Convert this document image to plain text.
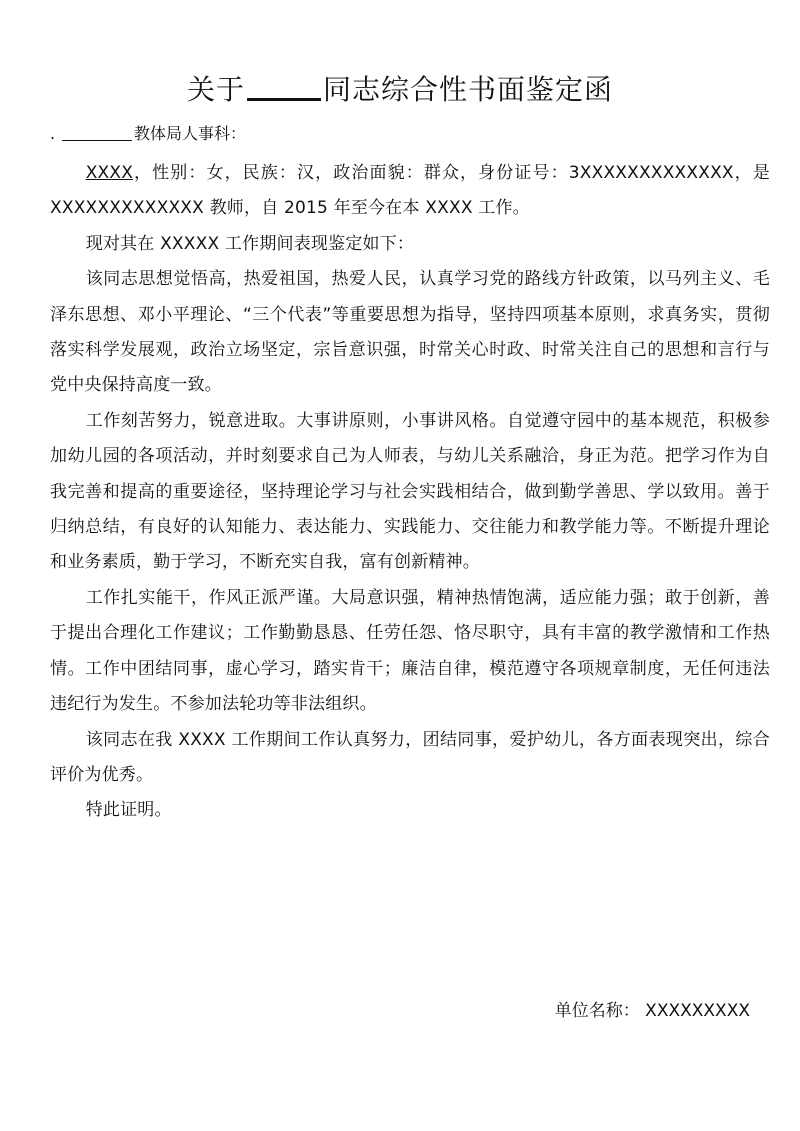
关于	同志综合性书面鉴定函
.	教体局人事科：

XXXX，性别：女，民族：汉，政治面貌：群众，身份证号：3XXXXXXXXXXXXX，是 XXXXXXXXXXXXX 教师，自 2015 年至今在本 XXXX 工作。

现对其在 XXXXX 工作期间表现鉴定如下：

该同志思想觉悟高，热爱祖国，热爱人民，认真学习党的路线方针政策，以马列主义、毛泽东思想、邓小平理论、“三个代表”等重要思想为指导，坚持四项基本原则，求真务实，贯彻落实科学发展观，政治立场坚定，宗旨意识强，时常关心时政、时常关注自己的思想和言行与党中央保持高度一致。

工作刻苦努力，锐意进取。大事讲原则，小事讲风格。自觉遵守园中的基本规范，积极参加幼儿园的各项活动，并时刻要求自己为人师表，与幼儿关系融洽，身正为范。把学习作为自我完善和提高的重要途径，坚持理论学习与社会实践相结合，做到勤学善思、学以致用。善于归纳总结，有良好的认知能力、表达能力、实践能力、交往能力和教学能力等。不断提升理论和业务素质，勤于学习，不断充实自我，富有创新精神。

工作扎实能干，作风正派严谨。大局意识强，精神热情饱满，适应能力强；敢于创新，善于提出合理化工作建议；工作勤勤恳恳、任劳任怨、恪尽职守，具有丰富的教学激情和工作热情。工作中团结同事，虚心学习，踏实肯干；廉洁自律，模范遵守各项规章制度，无任何违法违纪行为发生。不参加法轮功等非法组织。

该同志在我 XXXX 工作期间工作认真努力，团结同事，爱护幼儿，各方面表现突出，综合评价为优秀。

特此证明。

单位名称： XXXXXXXXX
